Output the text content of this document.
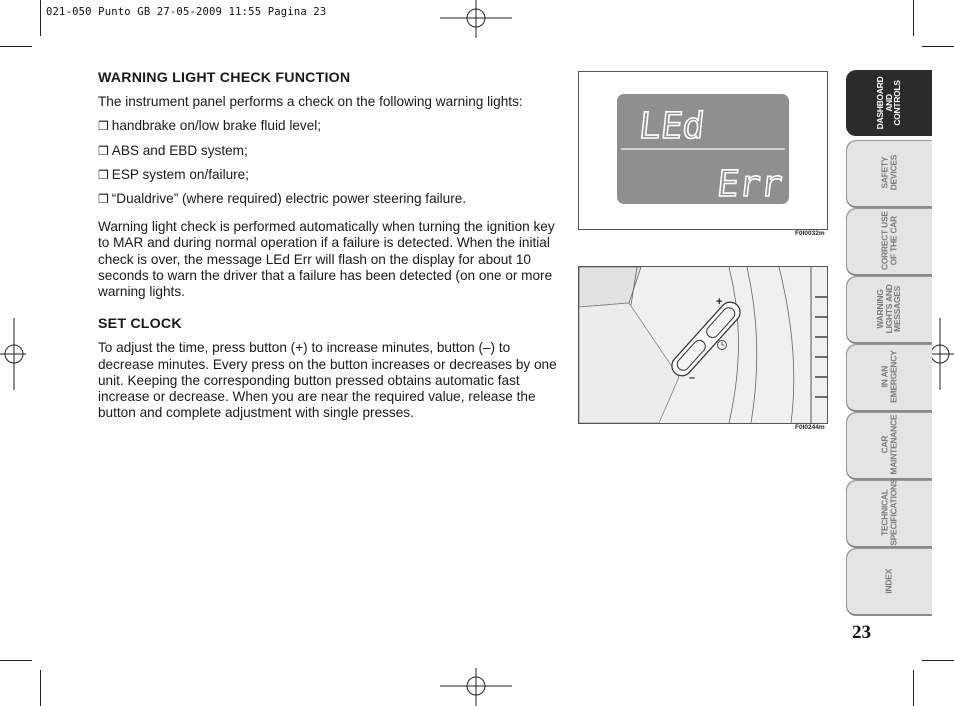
021-050 Punto GB 27-05-2009 11:55 Pagina 23
WARNING LIGHT CHECK FUNCTION
The instrument panel performs a check on the following warning lights:
❒ handbrake on/low brake fluid level;
❒ ABS and EBD system;
❒ ESP system on/failure;
❒ “Dualdrive” (where required) electric power steering failure.
Warning light check is performed automatically when turning the ignition key to MAR and during normal operation if a failure is detected. When the initial check is over, the message LEd Err will flash on the display for about 10 seconds to warn the driver that a failure has been detected (on one or more warning lights.
SET CLOCK
To adjust the time, press button (+) to increase minutes, button (–) to decrease minutes. Every press on the button increases or decreases by one unit. Keeping the corresponding button pressed obtains automatic fast increase or decrease. When you are near the required value, release the button and complete adjustment with single presses.
LEd
Err
F0I0032m
+
–
F0I0244m
DASHBOARD
AND
CONTROLS
SAFETY
DEVICES
CORRECT USE
OF THE CAR
WARNING
LIGHTS AND
MESSAGES
IN AN
EMERGENCY
CAR
MAINTENANCE
TECHNICAL
SPECIFICATIONS
INDEX
23
